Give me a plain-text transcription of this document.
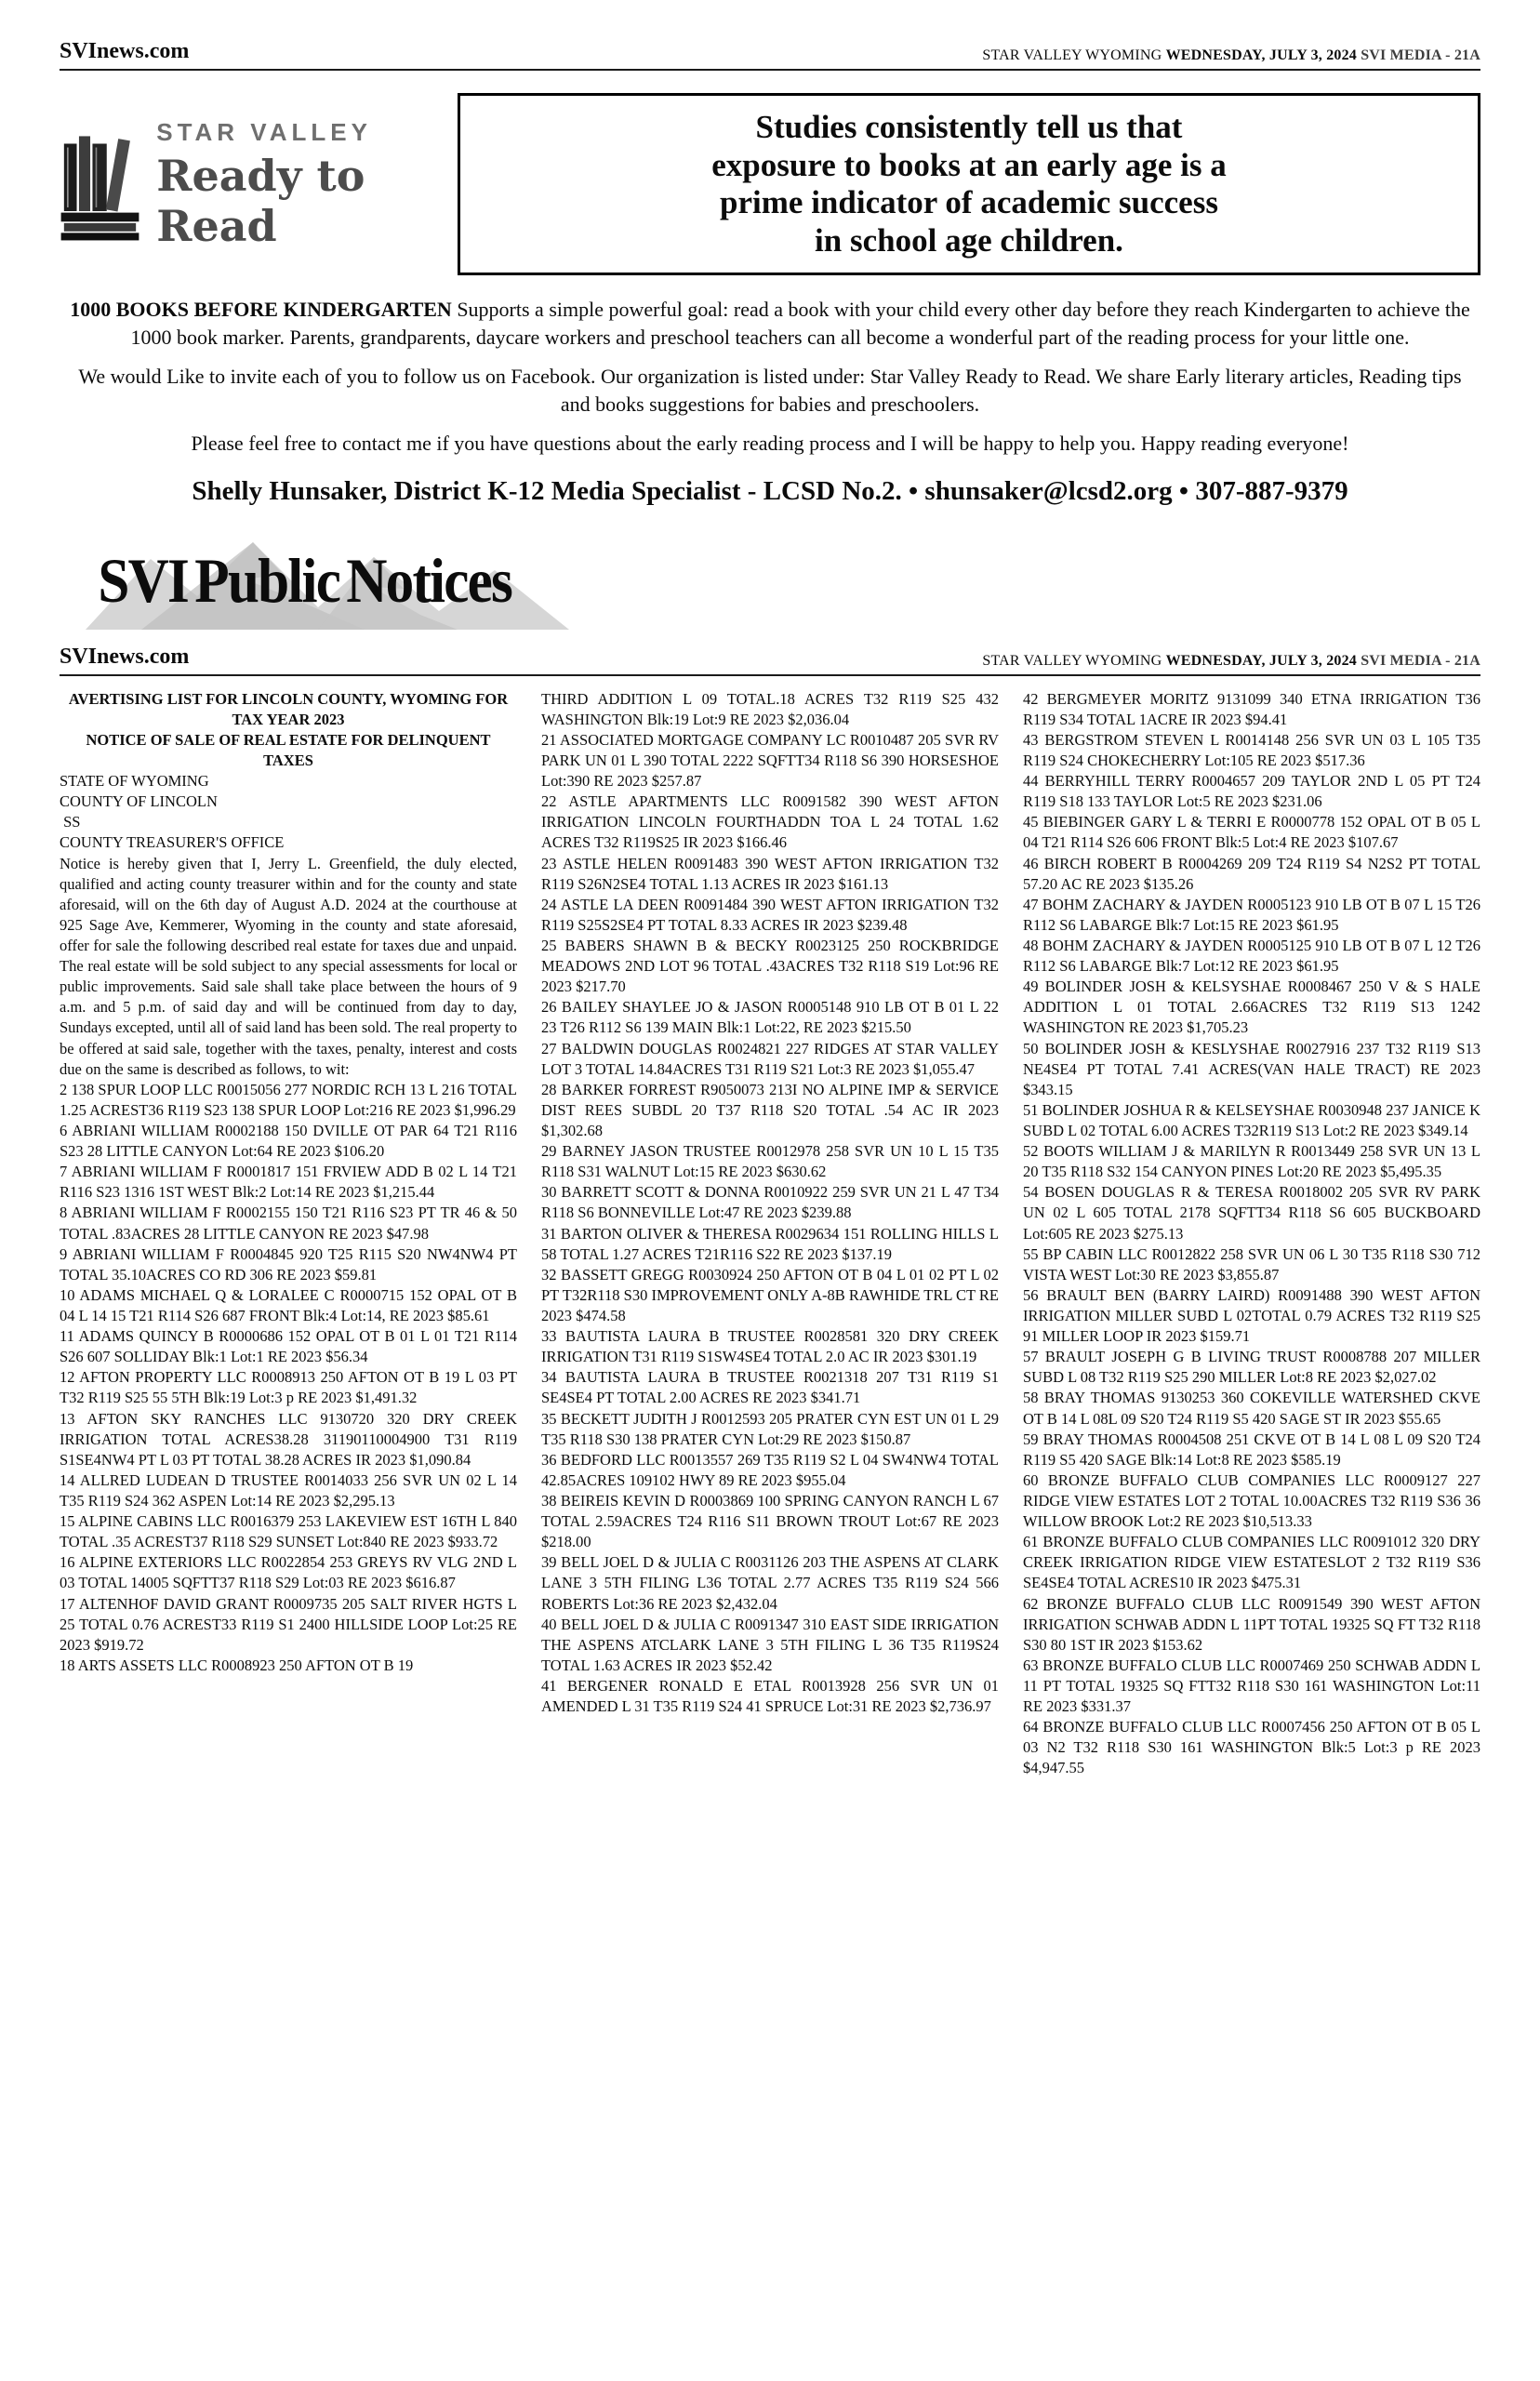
SVInews.com	STAR VALLEY WYOMING WEDNESDAY, JULY 3, 2024 SVI MEDIA - 21A
STAR VALLEY
Ready to Read

Studies consistently tell us that

exposure to books at an early age is a

prime indicator of academic success

in school age children.

1000 BOOKS BEFORE KINDERGARTEN Supports a simple powerful goal: read a book with your child every other day before they reach Kindergarten to achieve the 1000 book marker. Parents, grandparents, daycare workers and preschool teachers can all become a wonderful part of the reading process for your little one.

We would Like to invite each of you to follow us on Facebook. Our organization is listed under: Star Valley Ready to Read. We share Early literary articles, Reading tips and books suggestions for babies and preschoolers.

Please feel free to contact me if you have questions about the early reading process and I will be happy to help you. Happy reading everyone!

Shelly Hunsaker, District K-12 Media Specialist - LCSD No.2. • shunsaker@lcsd2.org • 307-887-9379

SVI Public Notices
SVInews.com	STAR VALLEY WYOMING WEDNESDAY, JULY 3, 2024 SVI MEDIA - 21A

AVERTISING LIST FOR LINCOLN COUNTY, WYOMING FOR TAX YEAR 2023

NOTICE OF SALE OF REAL ESTATE FOR DELINQUENT TAXES

STATE OF WYOMING

COUNTY OF LINCOLN

SS

COUNTY TREASURER'S OFFICE

Notice is hereby given that I, Jerry L. Greenfield, the duly elected, qualified and acting county treasurer within and for the county and state aforesaid, will on the 6th day of August A.D. 2024 at the courthouse at 925 Sage Ave, Kemmerer, Wyoming in the county and state aforesaid, offer for sale the following described real estate for taxes due and unpaid. The real estate will be sold subject to any special assessments for local or public improvements. Said sale shall take place between the hours of 9 a.m. and 5 p.m. of said day and will be continued from day to day, Sundays excepted, until all of said land has been sold. The real property to be offered at said sale, together with the taxes, penalty, interest and costs due on the same is described as follows, to wit:

2 138 SPUR LOOP LLC R0015056 277 NORDIC RCH 13 L 216 TOTAL 1.25 ACREST36 R119 S23 138 SPUR LOOP Lot:216 RE 2023 $1,996.29

6 ABRIANI WILLIAM R0002188 150 DVILLE OT PAR 64 T21 R116 S23 28 LITTLE CANYON Lot:64 RE 2023 $106.20

7 ABRIANI WILLIAM F R0001817 151 FRVIEW ADD B 02 L 14 T21 R116 S23 1316 1ST WEST Blk:2 Lot:14 RE 2023 $1,215.44

8 ABRIANI WILLIAM F R0002155 150 T21 R116 S23 PT TR 46 & 50 TOTAL .83ACRES 28 LITTLE CANYON RE 2023 $47.98

9 ABRIANI WILLIAM F R0004845 920 T25 R115 S20 NW4NW4 PT TOTAL 35.10ACRES CO RD 306 RE 2023 $59.81

10 ADAMS MICHAEL Q & LORALEE C R0000715 152 OPAL OT B 04 L 14 15 T21 R114 S26 687 FRONT Blk:4 Lot:14, RE 2023 $85.61

11 ADAMS QUINCY B R0000686 152 OPAL OT B 01 L 01 T21 R114 S26 607 SOLLIDAY Blk:1 Lot:1 RE 2023 $56.34

12 AFTON PROPERTY LLC R0008913 250 AFTON OT B 19 L 03 PT T32 R119 S25 55 5TH Blk:19 Lot:3 p RE 2023 $1,491.32

13 AFTON SKY RANCHES LLC 9130720 320 DRY CREEK IRRIGATION TOTAL ACRES38.28 31190110004900 T31 R119 S1SE4NW4 PT L 03 PT TOTAL 38.28 ACRES IR 2023 $1,090.84

14 ALLRED LUDEAN D TRUSTEE R0014033 256 SVR UN 02 L 14 T35 R119 S24 362 ASPEN Lot:14 RE 2023 $2,295.13

15 ALPINE CABINS LLC R0016379 253 LAKEVIEW EST 16TH L 840 TOTAL .35 ACREST37 R118 S29 SUNSET Lot:840 RE 2023 $933.72

16 ALPINE EXTERIORS LLC R0022854 253 GREYS RV VLG 2ND L 03 TOTAL 14005 SQFTT37 R118 S29 Lot:03 RE 2023 $616.87

17 ALTENHOF DAVID GRANT R0009735 205 SALT RIVER HGTS L 25 TOTAL 0.76 ACREST33 R119 S1 2400 HILLSIDE LOOP Lot:25 RE 2023 $919.72

18 ARTS ASSETS LLC R0008923 250 AFTON OT B 19

THIRD ADDITION L 09 TOTAL.18 ACRES T32 R119 S25 432 WASHINGTON Blk:19 Lot:9 RE 2023 $2,036.04

21 ASSOCIATED MORTGAGE COMPANY LC R0010487 205 SVR RV PARK UN 01 L 390 TOTAL 2222 SQFTT34 R118 S6 390 HORSESHOE Lot:390 RE 2023 $257.87

22 ASTLE APARTMENTS LLC R0091582 390 WEST AFTON IRRIGATION LINCOLN FOURTHADDN TOA L 24 TOTAL 1.62 ACRES T32 R119S25 IR 2023 $166.46

23 ASTLE HELEN R0091483 390 WEST AFTON IRRIGATION T32 R119 S26N2SE4 TOTAL 1.13 ACRES IR 2023 $161.13

24 ASTLE LA DEEN R0091484 390 WEST AFTON IRRIGATION T32 R119 S25S2SE4 PT TOTAL 8.33 ACRES IR 2023 $239.48

25 BABERS SHAWN B & BECKY R0023125 250 ROCKBRIDGE MEADOWS 2ND LOT 96 TOTAL .43ACRES T32 R118 S19 Lot:96 RE 2023 $217.70

26 BAILEY SHAYLEE JO & JASON R0005148 910 LB OT B 01 L 22 23 T26 R112 S6 139 MAIN Blk:1 Lot:22, RE 2023 $215.50

27 BALDWIN DOUGLAS R0024821 227 RIDGES AT STAR VALLEY LOT 3 TOTAL 14.84ACRES T31 R119 S21 Lot:3 RE 2023 $1,055.47

28 BARKER FORREST R9050073 213I NO ALPINE IMP & SERVICE DIST REES SUBDL 20 T37 R118 S20 TOTAL .54 AC IR 2023 $1,302.68

29 BARNEY JASON TRUSTEE R0012978 258 SVR UN 10 L 15 T35 R118 S31 WALNUT Lot:15 RE 2023 $630.62

30 BARRETT SCOTT & DONNA R0010922 259 SVR UN 21 L 47 T34 R118 S6 BONNEVILLE Lot:47 RE 2023 $239.88

31 BARTON OLIVER & THERESA R0029634 151 ROLLING HILLS L 58 TOTAL 1.27 ACRES T21R116 S22 RE 2023 $137.19

32 BASSETT GREGG R0030924 250 AFTON OT B 04 L 01 02 PT L 02 PT T32R118 S30 IMPROVEMENT ONLY A-8B RAWHIDE TRL CT RE 2023 $474.58

33 BAUTISTA LAURA B TRUSTEE R0028581 320 DRY CREEK IRRIGATION T31 R119 S1SW4SE4 TOTAL 2.0 AC IR 2023 $301.19

34 BAUTISTA LAURA B TRUSTEE R0021318 207 T31 R119 S1 SE4SE4 PT TOTAL 2.00 ACRES RE 2023 $341.71

35 BECKETT JUDITH J R0012593 205 PRATER CYN EST UN 01 L 29 T35 R118 S30 138 PRATER CYN Lot:29 RE 2023 $150.87

36 BEDFORD LLC R0013557 269 T35 R119 S2 L 04 SW4NW4 TOTAL 42.85ACRES 109102 HWY 89 RE 2023 $955.04

38 BEIREIS KEVIN D R0003869 100 SPRING CANYON RANCH L 67 TOTAL 2.59ACRES T24 R116 S11 BROWN TROUT Lot:67 RE 2023 $218.00

39 BELL JOEL D & JULIA C R0031126 203 THE ASPENS AT CLARK LANE 3 5TH FILING L36 TOTAL 2.77 ACRES T35 R119 S24 566 ROBERTS Lot:36 RE 2023 $2,432.04

40 BELL JOEL D & JULIA C R0091347 310 EAST SIDE IRRIGATION THE ASPENS ATCLARK LANE 3 5TH FILING L 36 T35 R119S24 TOTAL 1.63 ACRES IR 2023 $52.42

41 BERGENER RONALD E ETAL R0013928 256 SVR UN 01 AMENDED L 31 T35 R119 S24 41 SPRUCE Lot:31 RE 2023 $2,736.97

42 BERGMEYER MORITZ 9131099 340 ETNA IRRIGATION T36 R119 S34 TOTAL 1ACRE IR 2023 $94.41

43 BERGSTROM STEVEN L R0014148 256 SVR UN 03 L 105 T35 R119 S24 CHOKECHERRY Lot:105 RE 2023 $517.36

44 BERRYHILL TERRY R0004657 209 TAYLOR 2ND L 05 PT T24 R119 S18 133 TAYLOR Lot:5 RE 2023 $231.06

45 BIEBINGER GARY L & TERRI E R0000778 152 OPAL OT B 05 L 04 T21 R114 S26 606 FRONT Blk:5 Lot:4 RE 2023 $107.67

46 BIRCH ROBERT B R0004269 209 T24 R119 S4 N2S2 PT TOTAL 57.20 AC RE 2023 $135.26

47 BOHM ZACHARY & JAYDEN R0005123 910 LB OT B 07 L 15 T26 R112 S6 LABARGE Blk:7 Lot:15 RE 2023 $61.95

48 BOHM ZACHARY & JAYDEN R0005125 910 LB OT B 07 L 12 T26 R112 S6 LABARGE Blk:7 Lot:12 RE 2023 $61.95

49 BOLINDER JOSH & KELSYSHAE R0008467 250 V & S HALE ADDITION L 01 TOTAL 2.66ACRES T32 R119 S13 1242 WASHINGTON RE 2023 $1,705.23

50 BOLINDER JOSH & KESLYSHAE R0027916 237 T32 R119 S13 NE4SE4 PT TOTAL 7.41 ACRES(VAN HALE TRACT) RE 2023 $343.15

51 BOLINDER JOSHUA R & KELSEYSHAE R0030948 237 JANICE K SUBD L 02 TOTAL 6.00 ACRES T32R119 S13 Lot:2 RE 2023 $349.14

52 BOOTS WILLIAM J & MARILYN R R0013449 258 SVR UN 13 L 20 T35 R118 S32 154 CANYON PINES Lot:20 RE 2023 $5,495.35

54 BOSEN DOUGLAS R & TERESA R0018002 205 SVR RV PARK UN 02 L 605 TOTAL 2178 SQFTT34 R118 S6 605 BUCKBOARD Lot:605 RE 2023 $275.13

55 BP CABIN LLC R0012822 258 SVR UN 06 L 30 T35 R118 S30 712 VISTA WEST Lot:30 RE 2023 $3,855.87

56 BRAULT BEN (BARRY LAIRD) R0091488 390 WEST AFTON IRRIGATION MILLER SUBD L 02TOTAL 0.79 ACRES T32 R119 S25 91 MILLER LOOP IR 2023 $159.71

57 BRAULT JOSEPH G B LIVING TRUST R0008788 207 MILLER SUBD L 08 T32 R119 S25 290 MILLER Lot:8 RE 2023 $2,027.02

58 BRAY THOMAS 9130253 360 COKEVILLE WATERSHED CKVE OT B 14 L 08L 09 S20 T24 R119 S5 420 SAGE ST IR 2023 $55.65

59 BRAY THOMAS R0004508 251 CKVE OT B 14 L 08 L 09 S20 T24 R119 S5 420 SAGE Blk:14 Lot:8 RE 2023 $585.19

60 BRONZE BUFFALO CLUB COMPANIES LLC R0009127 227 RIDGE VIEW ESTATES LOT 2 TOTAL 10.00ACRES T32 R119 S36 36 WILLOW BROOK Lot:2 RE 2023 $10,513.33

61 BRONZE BUFFALO CLUB COMPANIES LLC R0091012 320 DRY CREEK IRRIGATION RIDGE VIEW ESTATESLOT 2 T32 R119 S36 SE4SE4 TOTAL ACRES10 IR 2023 $475.31

62 BRONZE BUFFALO CLUB LLC R0091549 390 WEST AFTON IRRIGATION SCHWAB ADDN L 11PT TOTAL 19325 SQ FT T32 R118 S30 80 1ST IR 2023 $153.62

63 BRONZE BUFFALO CLUB LLC R0007469 250 SCHWAB ADDN L 11 PT TOTAL 19325 SQ FTT32 R118 S30 161 WASHINGTON Lot:11 RE 2023 $331.37

64 BRONZE BUFFALO CLUB LLC R0007456 250 AFTON OT B 05 L 03 N2 T32 R118 S30 161 WASHINGTON Blk:5 Lot:3 p RE 2023 $4,947.55
